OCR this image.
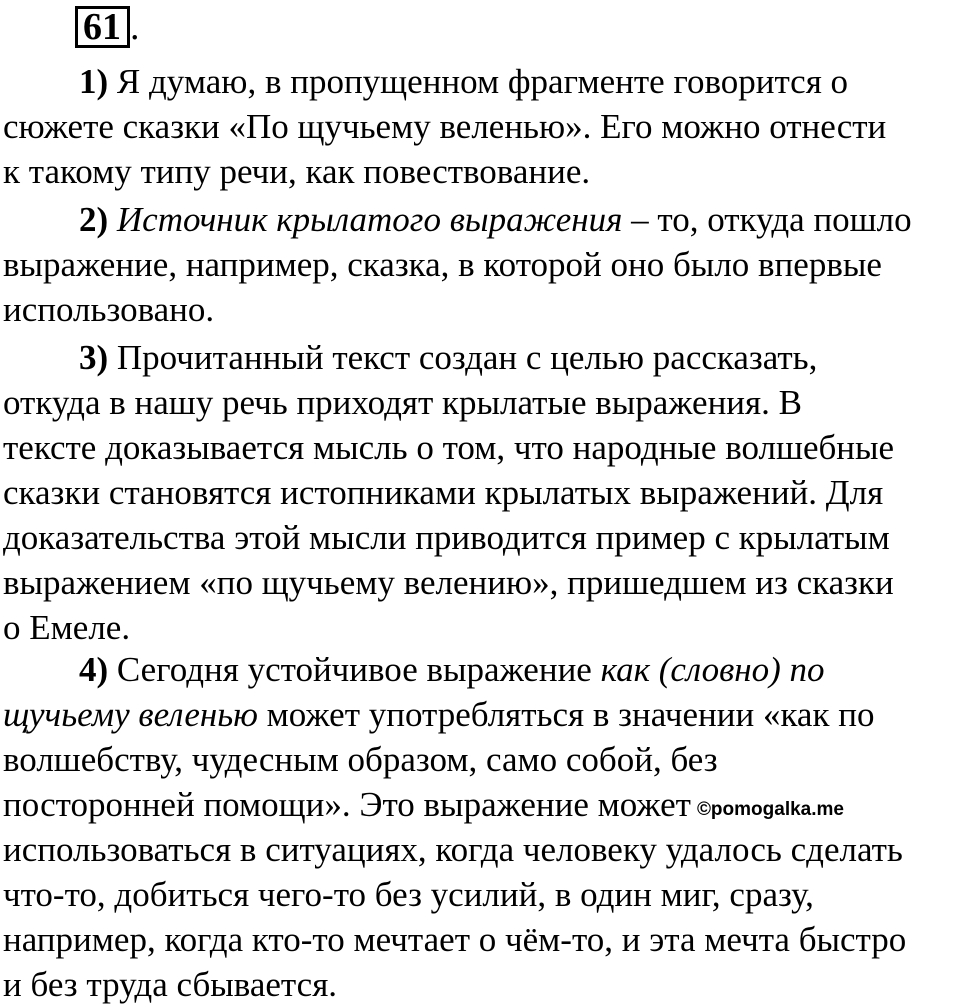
61 .
1) Я думаю, в пропущенном фрагменте говорится о
сюжете сказки «По щучьему веленью». Его можно отнести
к такому типу речи, как повествование.
2) Источник крылатого выражения – то, откуда пошло
выражение, например, сказка, в которой оно было впервые
использовано.
3) Прочитанный текст создан с целью рассказать,
откуда в нашу речь приходят крылатые выражения. В
тексте доказывается мысль о том, что народные волшебные
сказки становятся истопниками крылатых выражений. Для
доказательства этой мысли приводится пример с крылатым
выражением «по щучьему велению», пришедшем из сказки
о Емеле.
4) Сегодня устойчивое выражение как (словно) по
щучьему веленью может употребляться в значении «как по
волшебству, чудесным образом, само собой, без
посторонней помощи». Это выражение может ©pomogalka.me
использоваться в ситуациях, когда человеку удалось сделать
что-то, добиться чего-то без усилий, в один миг, сразу,
например, когда кто-то мечтает о чём-то, и эта мечта быстро
и без труда сбывается.
